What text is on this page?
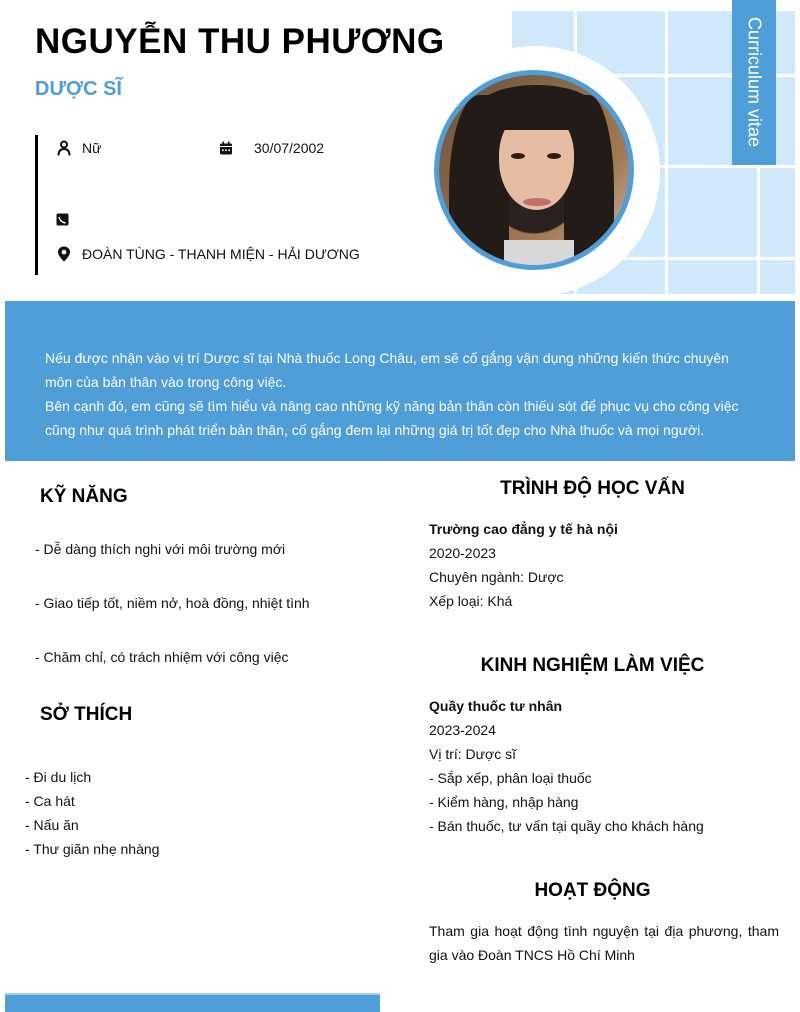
NGUYỄN THU PHƯƠNG
DƯỢC SĨ	Curriculum vitae
Nữ	30/07/2002
ĐOÀN TÙNG - THANH MIỆN - HẢI DƯƠNG

Nếu được nhận vào vị trí Dược sĩ tại Nhà thuốc Long Châu, em sẽ cố gắng vận dụng những kiến thức chuyên môn của bản thân vào trong công việc.

Bên cạnh đó, em cũng sẽ tìm hiểu và nâng cao những kỹ năng bản thân còn thiếu sót để phục vụ cho công việc cũng như quá trình phát triển bản thân, cố gắng đem lại những giá trị tốt đẹp cho Nhà thuốc và mọi người.

KỸ NĂNG
- Dễ dàng thích nghi với môi trường mới
- Giao tiếp tốt, niềm nở, hoà đồng, nhiệt tình
- Chăm chỉ, có trách nhiệm với công việc
SỞ THÍCH
- Đi du lịch
- Ca hát
- Nấu ăn
- Thư giãn nhẹ nhàng
TRÌNH ĐỘ HỌC VẤN
Trường cao đẳng y tế hà nội
2020-2023
Chuyên ngành: Dược
Xếp loại: Khá
KINH NGHIỆM LÀM VIỆC
Quầy thuốc tư nhân
2023-2024
Vị trí: Dược sĩ
- Sắp xếp, phân loại thuốc
- Kiểm hàng, nhập hàng
- Bán thuốc, tư vấn tại quầy cho khách hàng
HOẠT ĐỘNG
Tham gia hoạt động tình nguyện tại địa phương, tham gia vào Đoàn TNCS Hồ Chí Minh
